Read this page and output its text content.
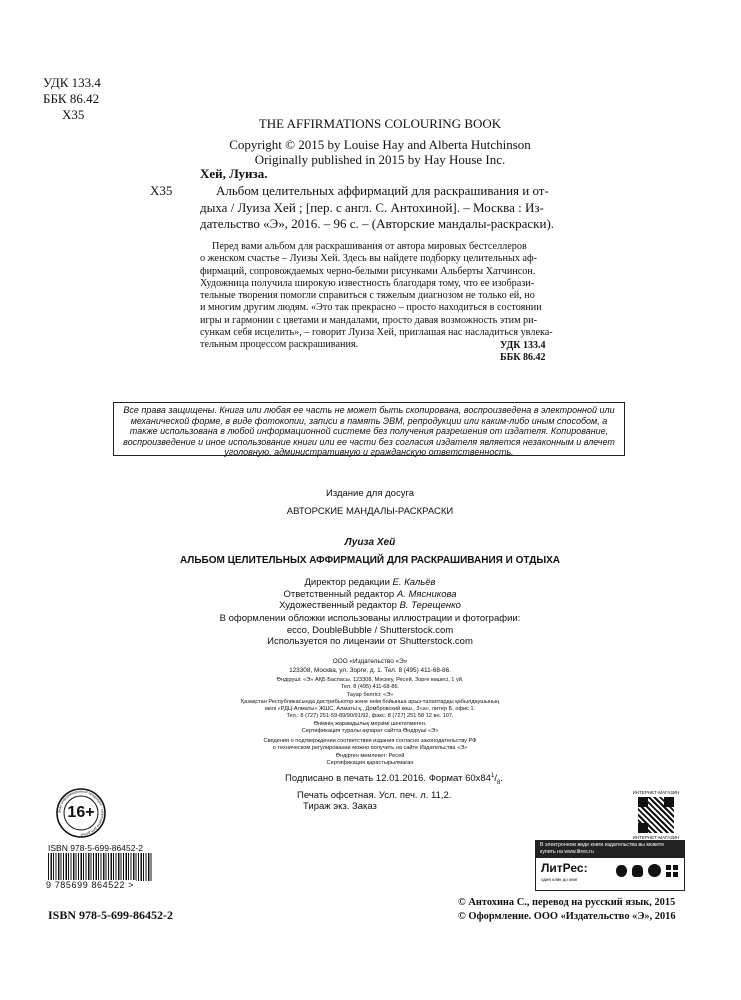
УДК 133.4
ББК 86.42
Х35
THE AFFIRMATIONS COLOURING BOOK
Copyright © 2015 by Louise Hay and Alberta Hutchinson
Originally published in 2015 by Hay House Inc.
Хей, Луиза.
Х35	Альбом целительных аффирмаций для раскрашивания и от-
дыха / Луиза Хей ; [пер. с англ. С. Антохиной]. – Москва : Из-
дательство «Э», 2016. – 96 с. – (Авторские мандалы-раскраски).
Перед вами альбом для раскрашивания от автора мировых бестселлеров
о женском счастье – Луизы Хей. Здесь вы найдете подборку целительных аф-
фирмаций, сопровождаемых черно-белыми рисунками Альберты Хатчинсон.
Художница получила широкую известность благодаря тому, что ее изобрази-
тельные творения помогли справиться с тяжелым диагнозом не только ей, но
и многим другим людям. «Это так прекрасно – просто находиться в состоянии
игры и гармонии с цветами и мандалами, просто давая возможность этим ри-
сункам себя исцелить», – говорит Луиза Хей, приглашая нас насладиться увлека-
тельным процессом раскрашивания.	УДК 133.4
ББК 86.42
Все права защищены. Книга или любая ее часть не может быть скопирована, воспроизведена в электронной или
механической форме, в виде фотокопии, записи в память ЭВМ, репродукции или каким-либо иным способом, а
также использована в любой информационной системе без получения разрешения от издателя. Копирование,
воспроизведение и иное использование книги или ее части без согласия издателя является незаконным и влечет
уголовную, административную и гражданскую ответственность.
Издание для досуга
АВТОРСКИЕ МАНДАЛЫ-РАСКРАСКИ
Луиза Хей
АЛЬБОМ ЦЕЛИТЕЛЬНЫХ АФФИРМАЦИЙ ДЛЯ РАСКРАШИВАНИЯ И ОТДЫХА
Директор редакции Е. Кальёв
Ответственный редактор А. Мясникова
Художественный редактор В. Терещенко
В оформлении обложки использованы иллюстрации и фотографии:
ecco, DoubleBubble / Shutterstock.com
Используется по лицензии от Shutterstock.com
ООО «Издательство «Э»
123308, Москва, ул. Зорге, д. 1. Тел. 8 (495) 411-68-86.
Өндіруші: «Э» АҚБ Баспасы, 123308, Мәскеу, Ресей, Зорге көшесі, 1 үй.
Тел. 8 (495) 411-68-86.
Тауар белгісі: «Э»
Қазақстан Республикасында дистрибьютор және өнім бойынша арыз-талаптарды қабылдаушының
өкілі «РДЦ-Алматы» ЖШС, Алматы қ., Домбровский көш., 3«а», литер Б, офис 1.
Тел.: 8 (727) 251-59-89/90/91/92, факс: 8 (727) 251 58 12 вн. 107.
Өнімнің жарамдылық мерзімі шектелмеген.
Сертификация туралы ақпарат сайтта Өндіруші «Э»
Сведения о подтверждении соответствия издания согласно законодательству РФ
о техническом регулировании можно получить на сайте Издательства «Э»
Өндірген мемлекет: Ресей
Сертификация қарастырылмаған
Подписано в печать 12.01.2016. Формат $60х84^1/_8$.
Печать офсетная. Усл. печ. л. 11,2.
Тираж экз. Заказ
Знак информационной продукции · запрещено для детей
16+
ISBN 978-5-699-86452-2
9 785699 864522 >
ISBN 978-5-699-86452-2
ИНТЕРНЕТ-МАГАЗИН
ИНТЕРНЕТ-МАГАЗИН
В электронном виде книги издательства вы можете
купить на www.litres.ru
ЛитРес:
один клик до книг
© Антохина С., перевод на русский язык, 2015
© Оформление. ООО «Издательство «Э», 2016
